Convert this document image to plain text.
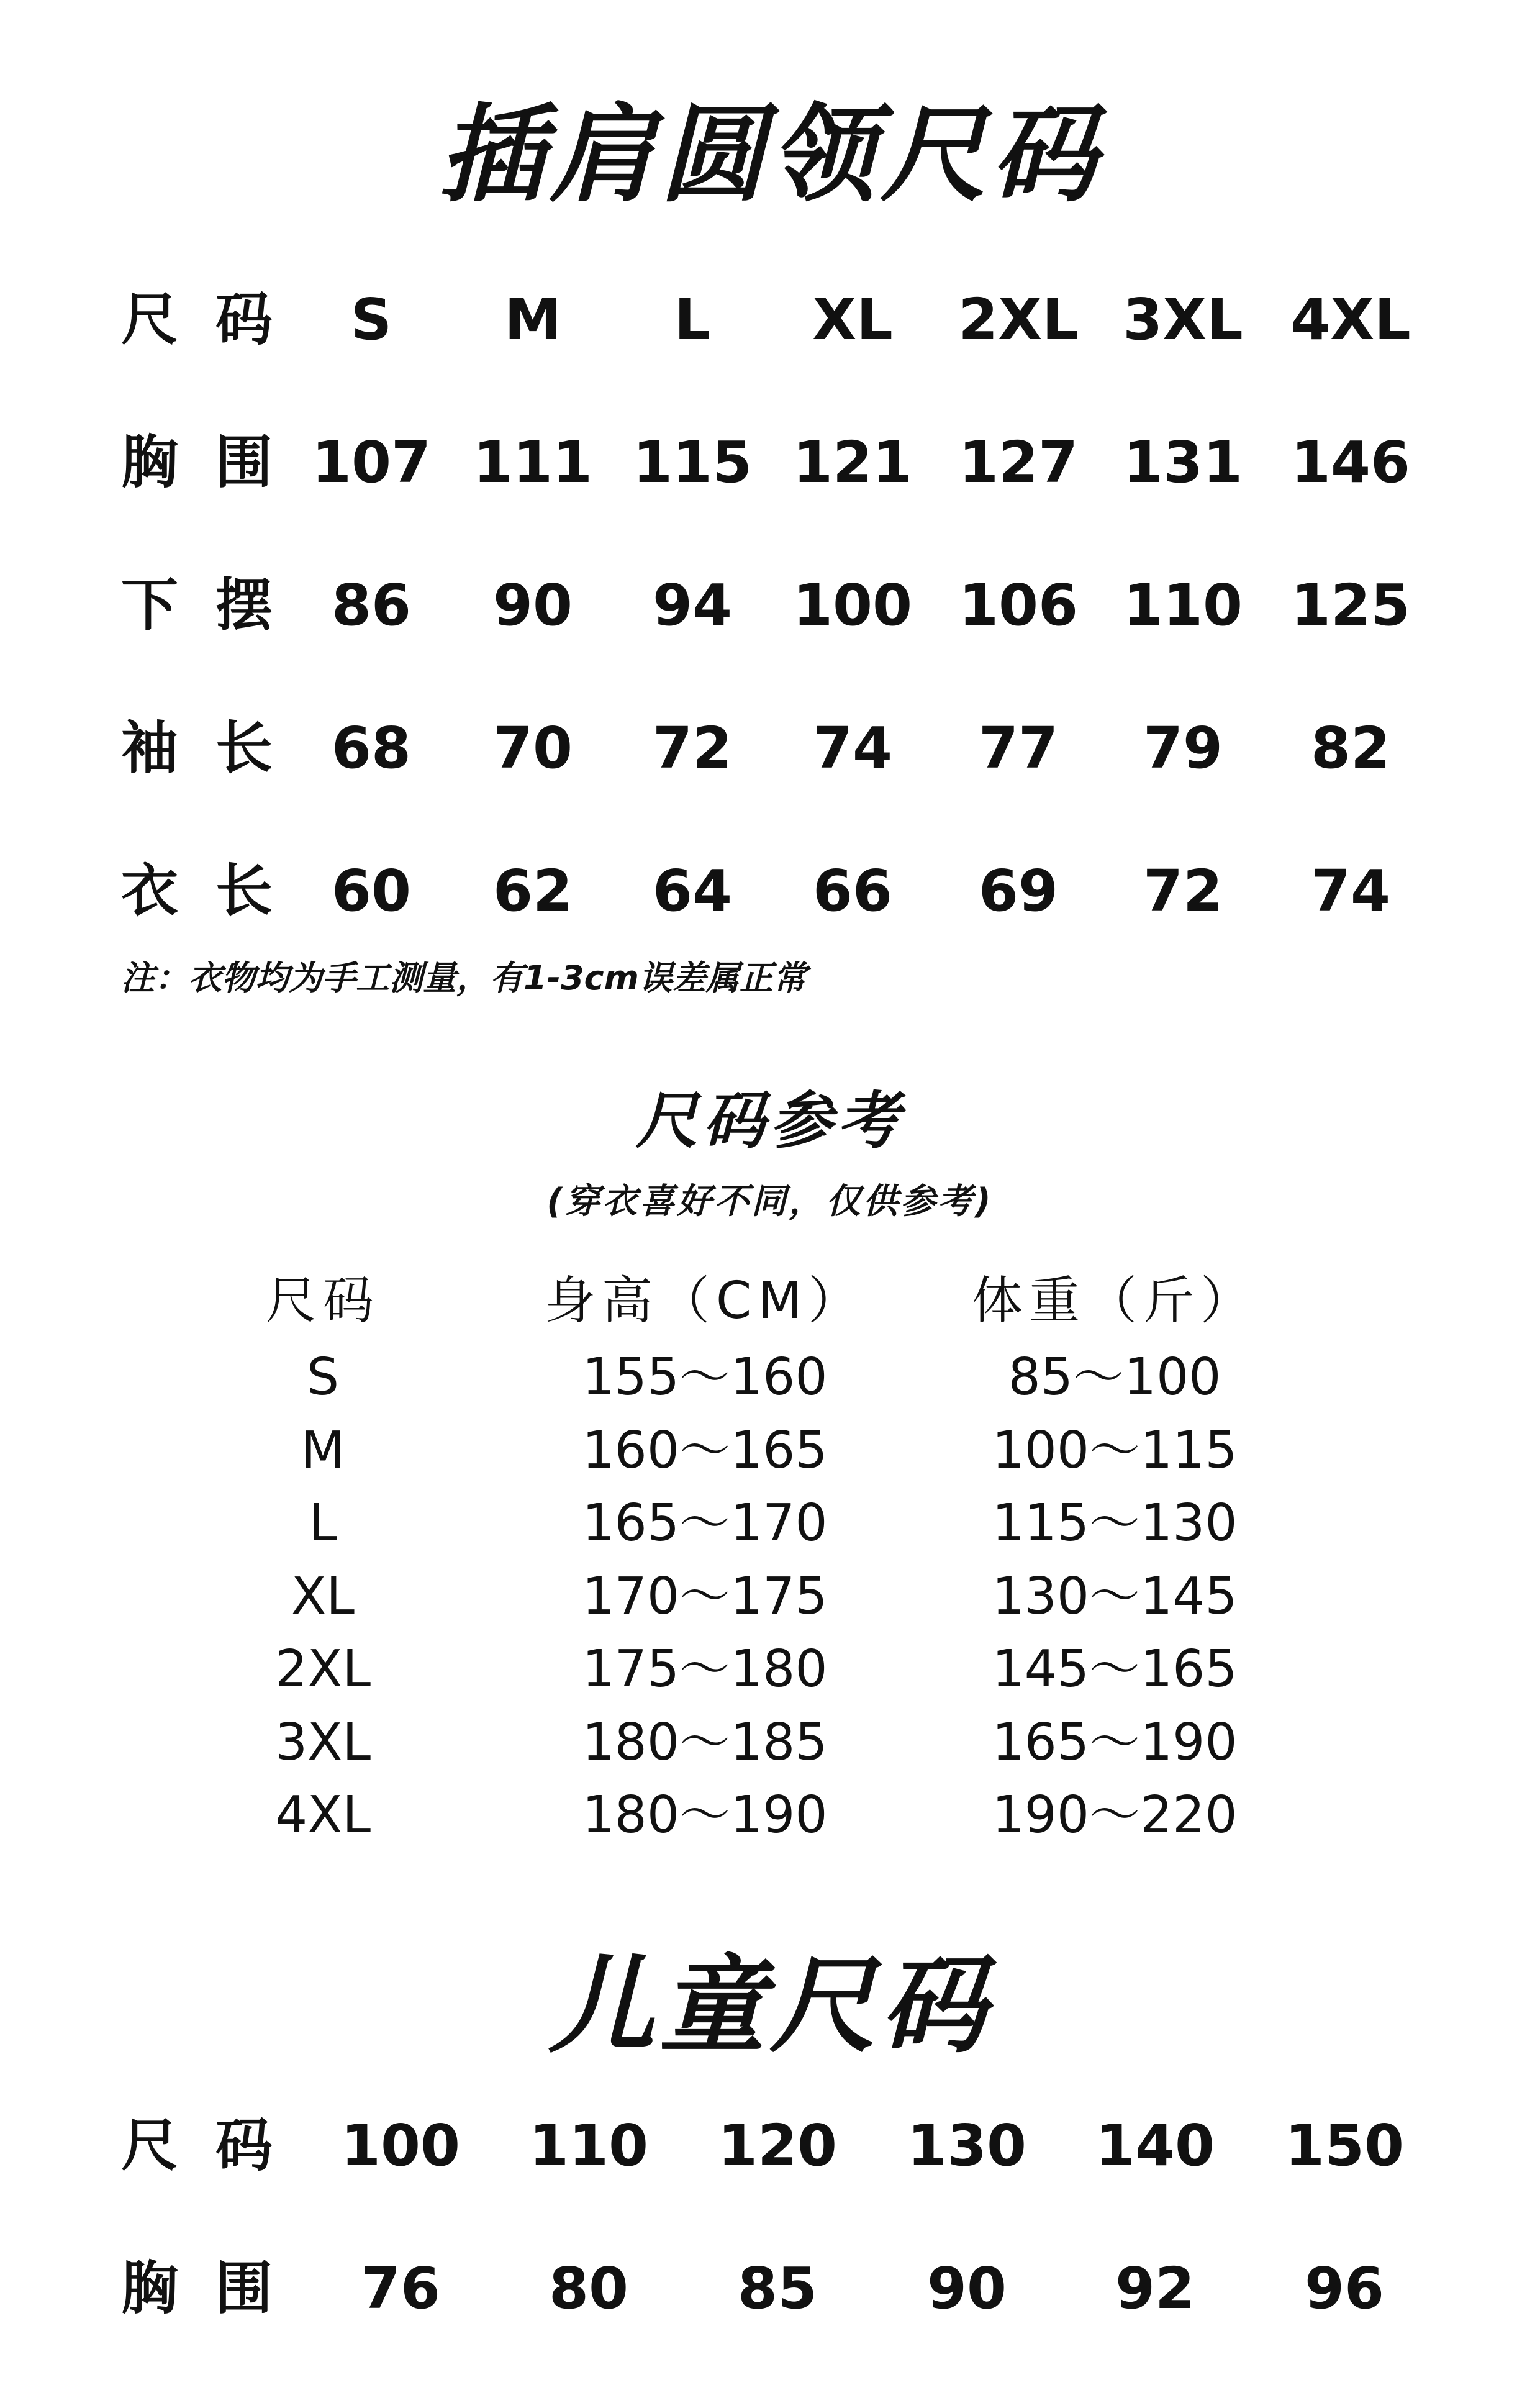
插肩圆领尺码
尺码 S	M	L	XL	2XL 3XL 4XL
胸围 107 111 115 121 127 131 146
下摆 86	90	94	100 106 110 125
袖长 68	70	72	74	77	79	82
衣长 60	62	64	66	69	72	74
注：衣物均为手工测量，有1-3cm误差属正常
尺码参考
(穿衣喜好不同，仅供参考)
尺码	身高（CM）	体重（斤）
S	155～160	85～100
M	160～165	100～115
L	165～170	115～130
XL	170～175	130～145
2XL	175～180	145～165
3XL	180～185	165～190
4XL	180～190	190～220
儿童尺码
尺码 100	110	120	130	140	150
胸围 76	80	85	90	92	96
